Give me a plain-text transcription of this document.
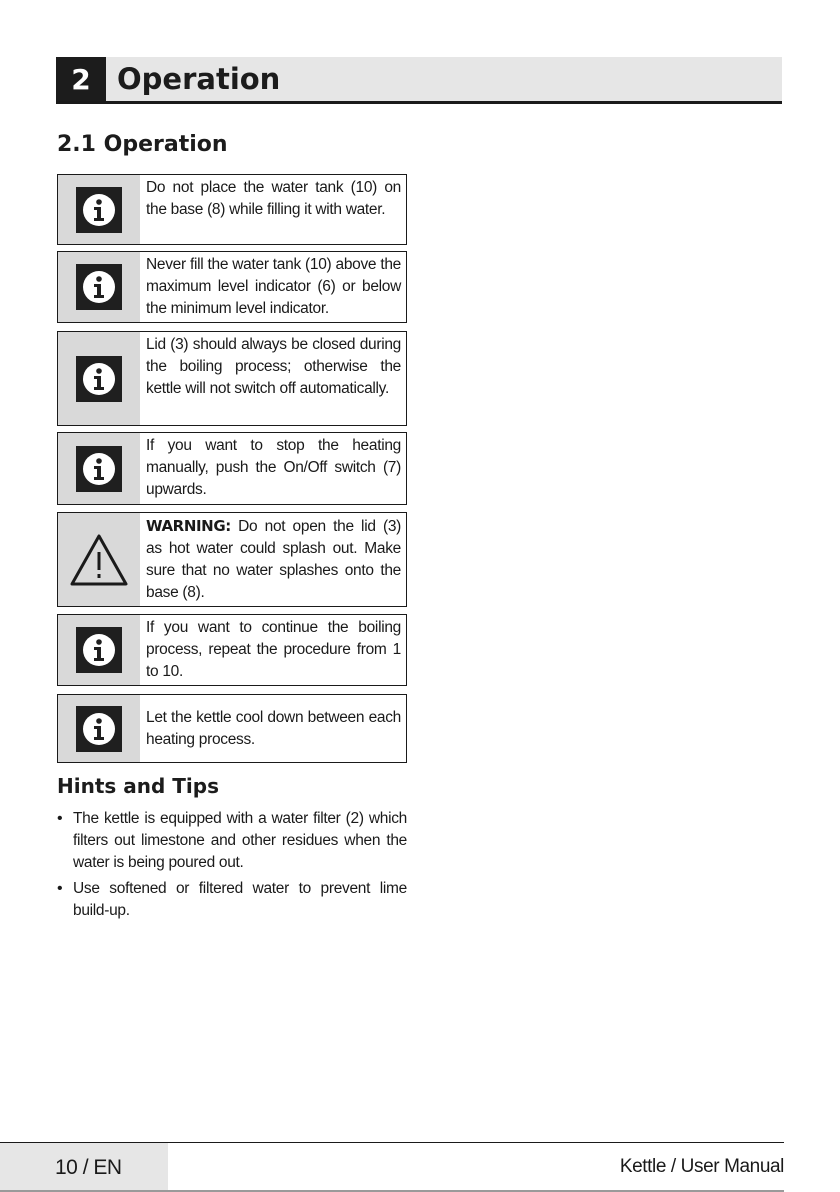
2 Operation
2.1 Operation
Do not place the water tank (10) on the base (8) while filling it with water.
Never fill the water tank (10) above the maximum level indicator (6) or below the minimum level indicator.
Lid (3) should always be closed during the boiling process; otherwise the kettle will not switch off automatically.
If you want to stop the heating manually, push the On/Off switch (7) upwards.
WARNING: Do not open the lid (3) as hot water could splash out. Make sure that no water splashes onto the base (8).
If you want to continue the boiling process, repeat the procedure from 1 to 10.
Let the kettle cool down between each heating process.
Hints and Tips
• The kettle is equipped with a water filter (2) which filters out limestone and other residues when the water is being poured out.
• Use softened or filtered water to prevent lime build-up.
10 / EN	Kettle / User Manual
